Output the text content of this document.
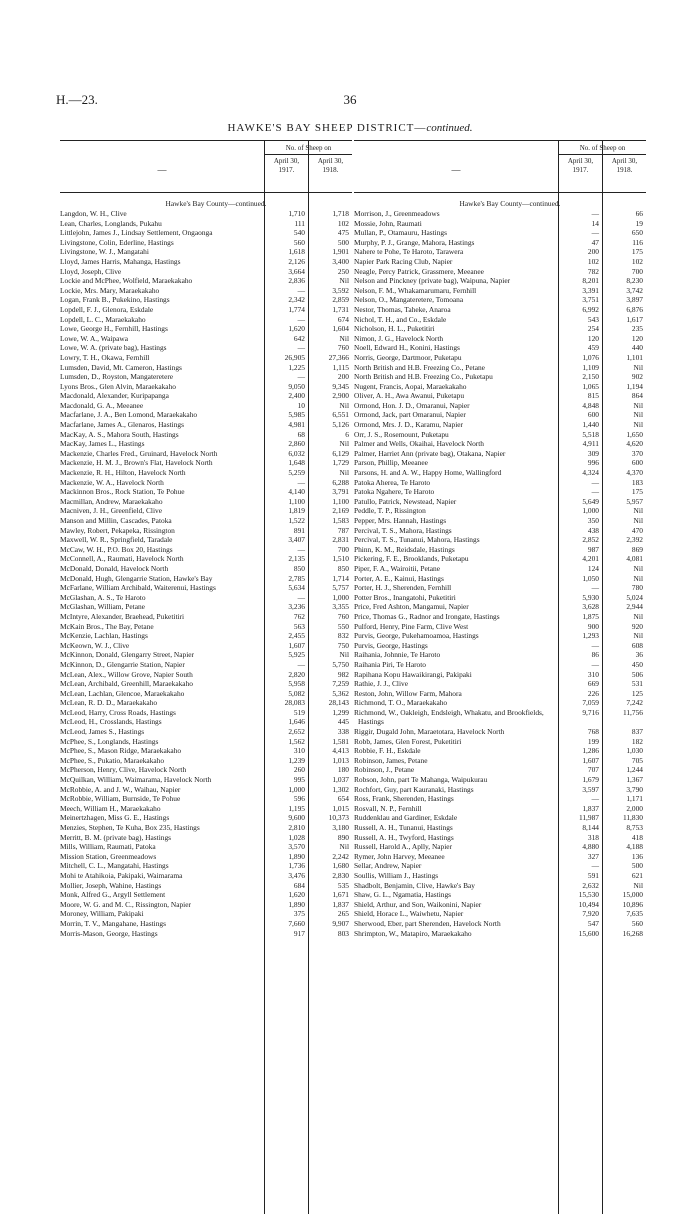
H.—23.	36
HAWKE'S BAY SHEEP DISTRICT—continued.
—
No. of Sheep on
April 30,
1917.
April 30,
1918.
Hawke's Bay County—continued.
Langdon, W. H., Clive	1,710	1,718
Lean, Charles, Longlands, Pukahu	111	102
Littlejohn, James J., Lindsay Settlement, Ongaonga	540	475
Livingstone, Colin, Ederline, Hastings	560	500
Livingstone, W. J., Mangatahi	1,618	1,901
Lloyd, James Harris, Mahanga, Hastings	2,126	3,400
Lloyd, Joseph, Clive	3,664	250
Lockie and McPhee, Wolfield, Maraekakaho	2,836	Nil
Lockie, Mrs. Mary, Maraekakaho	—	3,592
Logan, Frank B., Pukekino, Hastings	2,342	2,859
Lopdell, F. J., Glenora, Eskdale	1,774	1,731
Lopdell, L. C., Maraekakaho	—	674
Lowe, George H., Fernhill, Hastings	1,620	1,604
Lowe, W. A., Waipawa	642	Nil
Lowe, W. A. (private bag), Hastings	—	760
Lowry, T. H., Okawa, Fernhill	26,905	27,366
Lumsden, David, Mt. Cameron, Hastings	1,225	1,115
Lumsden, D., Royston, Mangateretere	—	200
Lyons Bros., Glen Alvin, Maraekakaho	9,050	9,345
Macdonald, Alexander, Kuripapanga	2,400	2,900
Macdonald, G. A., Meeanee	10	Nil
Macfarlane, J. A., Ben Lomond, Maraekakaho	5,985	6,551
Macfarlane, James A., Glenaros, Hastings	4,981	5,126
MacKay, A. S., Mahora South, Hastings	68	6
MacKay, James L., Hastings	2,860	Nil
Mackenzie, Charles Fred., Gruinard, Havelock North	6,032	6,129
Mackenzie, H. M. J., Brown's Flat, Havelock North	1,648	1,729
Mackenzie, R. H., Hilton, Havelock North	5,259	Nil
Mackenzie, W. A., Havelock North	—	6,288
Mackinnon Bros., Rock Station, Te Pohue	4,140	3,791
Macmillan, Andrew, Maraekakaho	1,100	1,100
Macniven, J. H., Greenfield, Clive	1,819	2,169
Manson and Millin, Cascades, Patoka	1,522	1,583
Mawley, Robert, Pekapeka, Rissington	891	787
Maxwell, W. R., Springfield, Taradale	3,407	2,831
McCaw, W. H., P.O. Box 20, Hastings	—	700
McConnell, A., Raumati, Havelock North	2,135	1,510
McDonald, Donald, Havelock North	850	850
McDonald, Hugh, Glengarrie Station, Hawke's Bay	2,785	1,714
McFarlane, William Archibald, Waiterenui, Hastings	5,634	5,757
McGlashan, A. S., Te Haroto	—	1,000
McGlashan, William, Petane	3,236	3,355
McIntyre, Alexander, Braehead, Puketitiri	762	760
McKain Bros., The Bay, Petane	563	550
McKenzie, Lachlan, Hastings	2,455	832
McKeown, W. J., Clive	1,607	750
McKinnon, Donald, Glengarry Street, Napier	5,925	Nil
McKinnon, D., Glengarrie Station, Napier	—	5,750
McLean, Alex., Willow Grove, Napier South	2,820	982
McLean, Archibald, Greenhill, Maraekakaho	5,958	7,259
McLean, Lachlan, Glencoe, Maraekakaho	5,082	5,362
McLean, R. D. D., Maraekakaho	28,083	28,143
McLeod, Harry, Cross Roads, Hastings	519	1,299
McLeod, H., Crosslands, Hastings	1,646	445
McLeod, James S., Hastings	2,652	338
McPhee, S., Longlands, Hastings	1,562	1,581
McPhee, S., Mason Ridge, Maraekakaho	310	4,413
McPhee, S., Pukatio, Maraekakaho	1,239	1,013
McPherson, Henry, Clive, Havelock North	260	180
McQuilkan, William, Waimarama, Havelock North	995	1,037
McRobbie, A. and J. W., Waihau, Napier	1,000	1,302
McRobbie, William, Burnside, Te Pohue	596	654
Meech, William H., Maraekakaho	1,195	1,015
Meinertzhagen, Miss G. E., Hastings	9,600	10,373
Menzies, Stephen, Te Kuha, Box 235, Hastings	2,810	3,180
Merritt, B. M. (private bag), Hastings	1,028	890
Mills, William, Raumati, Patoka	3,570	Nil
Mission Station, Greenmeadows	1,890	2,242
Mitchell, C. L., Mangatahi, Hastings	1,736	1,680
Mohi te Atahikoia, Pakipaki, Waimarama	3,476	2,830
Mollier, Joseph, Wahine, Hastings	684	535
Monk, Alfred G., Argyll Settlement	1,620	1,671
Moore, W. G. and M. C., Rissington, Napier	1,890	1,837
Moroney, William, Pakipaki	375	265
Morrin, T. V., Mangahane, Hastings	7,660	9,907
Morris-Mason, George, Hastings	917	803
—
No. of Sheep on
April 30,
1917.
April 30,
1918.
Hawke's Bay County—continued.
Morrison, J., Greenmeadows	—	66
Mossie, John, Raumati	14	19
Mullan, P., Otamauru, Hastings	—	650
Murphy, P. J., Grange, Mahora, Hastings	47	116
Nahere te Pohe, Te Haroto, Tarawera	200	175
Napier Park Racing Club, Napier	102	102
Neagle, Percy Patrick, Grassmere, Meeanee	782	700
Nelson and Pinckney (private bag), Waipuna, Napier	8,201	8,230
Nelson, F. M., Whakamarumaru, Fernhill	3,391	3,742
Nelson, O., Mangateretere, Tomoana	3,751	3,897
Nestor, Thomas, Taheke, Anaroa	6,992	6,876
Nichol, T. H., and Co., Eskdale	543	1,617
Nicholson, H. L., Puketitiri	254	235
Nimon, J. G., Havelock North	120	120
Noell, Edward H., Konini, Hastings	459	440
Norris, George, Dartmoor, Puketapu	1,076	1,101
North British and H.B. Freezing Co., Petane	1,109	Nil
North British and H.B. Freezing Co., Puketapu	2,150	902
Nugent, Francis, Aopai, Maraekakaho	1,065	1,194
Oliver, A. H., Awa Awanui, Puketapu	815	864
Ormond, Hon. J. D., Omaranui, Napier	4,848	Nil
Ormond, Jack, part Omaranui, Napier	600	Nil
Ormond, Mrs. J. D., Karamu, Napier	1,440	Nil
Orr, J. S., Rosemount, Puketapu	5,518	1,650
Palmer and Wells, Okaihai, Havelock North	4,911	4,620
Palmer, Harriet Ann (private bag), Otakana, Napier	309	370
Parson, Phillip, Meeanee	996	600
Parsons, H. and A. W., Happy Home, Wallingford	4,324	4,370
Patoka Aherea, Te Haroto	—	183
Patoka Ngahere, Te Haroto	—	175
Patullo, Patrick, Newstead, Napier	5,649	5,957
Peddle, T. P., Rissington	1,000	Nil
Pepper, Mrs. Hannah, Hastings	350	Nil
Percival, T. S., Mahora, Hastings	438	470
Percival, T. S., Tunanui, Mahora, Hastings	2,852	2,392
Phinn, K. M., Reidsdale, Hastings	987	869
Pickering, F. E., Brooklands, Puketapu	4,201	4,081
Piper, F. A., Wairoitii, Petane	124	Nil
Porter, A. E., Kainui, Hastings	1,050	Nil
Porter, H. J., Sherenden, Fernhill	—	780
Potter Bros., Inangatohi, Puketitiri	5,930	5,024
Price, Fred Ashton, Mangamui, Napier	3,628	2,944
Price, Thomas G., Radnor and Irongate, Hastings	1,875	Nil
Pulford, Henry, Pine Farm, Clive West	900	920
Purvis, George, Pukehamoamoa, Hastings	1,293	Nil
Purvis, George, Hastings	—	608
Raihania, Johnnie, Te Haroto	86	36
Raihania Piri, Te Haroto	—	450
Rapihana Kopu Hawaikirangi, Pakipaki	310	506
Rathie, J. J., Clive	669	531
Reston, John, Willow Farm, Mahora	226	125
Richmond, T. O., Maraekakaho	7,059	7,242
Richmond, W., Oakleigh, Endsleigh, Whakatu, and Brookfields, Hastings
9,716	11,756
Riggir, Dugald John, Maraetotara, Havelock North	768	837
Robb, James, Glen Forest, Puketitiri	199	182
Robbie, F. H., Eskdale	1,286	1,030
Robinson, James, Petane	1,607	705
Robinson, J., Petane	707	1,244
Robson, John, part Te Mahanga, Waipukurau	1,679	1,367
Rochfort, Guy, part Kauranaki, Hastings	3,597	3,790
Ross, Frank, Sherenden, Hastings	—	1,171
Rosvall, N. P., Fernhill	1,837	2,000
Ruddenklau and Gardiner, Eskdale	11,987	11,830
Russell, A. H., Tunanui, Hastings	8,144	8,753
Russell, A. H., Twyford, Hastings	318	418
Russell, Harold A., Aplly, Napier	4,880	4,188
Rymer, John Harvey, Meeanee	327	136
Sellar, Andrew, Napier	—	500
Soullis, William J., Hastings	591	621
Shadbolt, Benjamin, Clive, Hawke's Bay	2,632	Nil
Shaw, G. L., Ngamatia, Hastings	15,530	15,000
Shield, Arthur, and Son, Waikonini, Napier	10,494	10,896
Shield, Horace L., Waiwhetu, Napier	7,920	7,635
Sherwood, Eber, part Sherenden, Havelock North	547	560
Shrimpton, W., Matapiro, Maraekakaho	15,600	16,268
